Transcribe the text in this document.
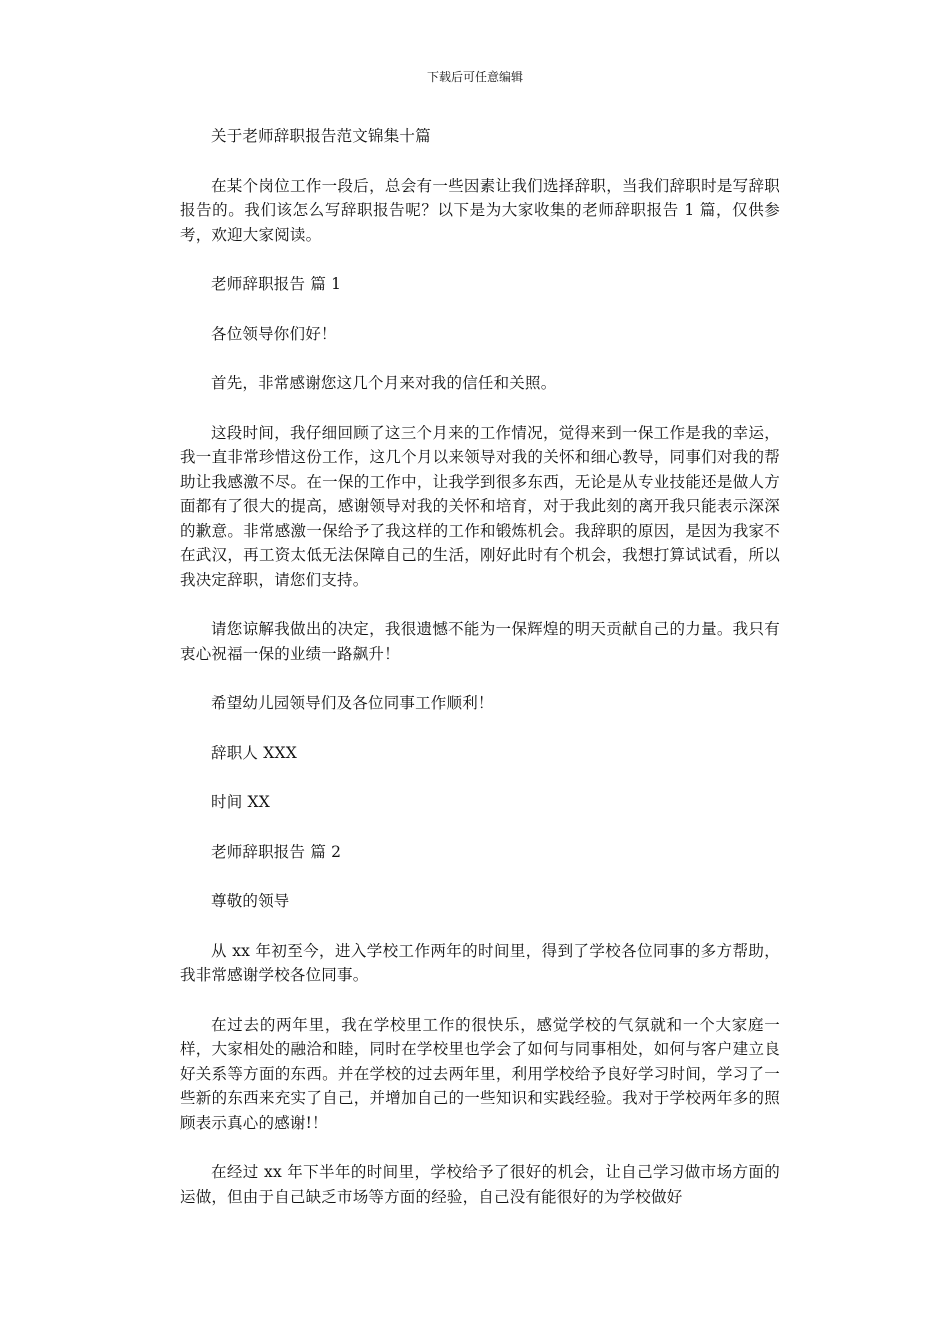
下载后可任意编辑

关于老师辞职报告范文锦集十篇

在某个岗位工作一段后，总会有一些因素让我们选择辞职，当我们辞职时是写辞职报告的。我们该怎么写辞职报告呢？以下是为大家收集的老师辞职报告 1 篇，仅供参考，欢迎大家阅读。

老师辞职报告 篇 1

各位领导你们好！

首先，非常感谢您这几个月来对我的信任和关照。

这段时间，我仔细回顾了这三个月来的工作情况，觉得来到一保工作是我的幸运，我一直非常珍惜这份工作，这几个月以来领导对我的关怀和细心教导，同事们对我的帮助让我感激不尽。在一保的工作中，让我学到很多东西，无论是从专业技能还是做人方面都有了很大的提高，感谢领导对我的关怀和培育，对于我此刻的离开我只能表示深深的歉意。非常感激一保给予了我这样的工作和锻炼机会。我辞职的原因，是因为我家不在武汉，再工资太低无法保障自己的生活，刚好此时有个机会，我想打算试试看，所以我决定辞职，请您们支持。

请您谅解我做出的决定，我很遗憾不能为一保辉煌的明天贡献自己的力量。我只有衷心祝福一保的业绩一路飙升！

希望幼儿园领导们及各位同事工作顺利！

辞职人 XXX

时间 XX

老师辞职报告 篇 2

尊敬的领导

从 xx 年初至今，进入学校工作两年的时间里，得到了学校各位同事的多方帮助，我非常感谢学校各位同事。

在过去的两年里，我在学校里工作的很快乐，感觉学校的气氛就和一个大家庭一样，大家相处的融洽和睦，同时在学校里也学会了如何与同事相处，如何与客户建立良好关系等方面的东西。并在学校的过去两年里，利用学校给予良好学习时间，学习了一些新的东西来充实了自己，并增加自己的一些知识和实践经验。我对于学校两年多的照顾表示真心的感谢!！

在经过 xx 年下半年的时间里，学校给予了很好的机会，让自己学习做市场方面的运做，但由于自己缺乏市场等方面的经验，自己没有能很好的为学校做好
